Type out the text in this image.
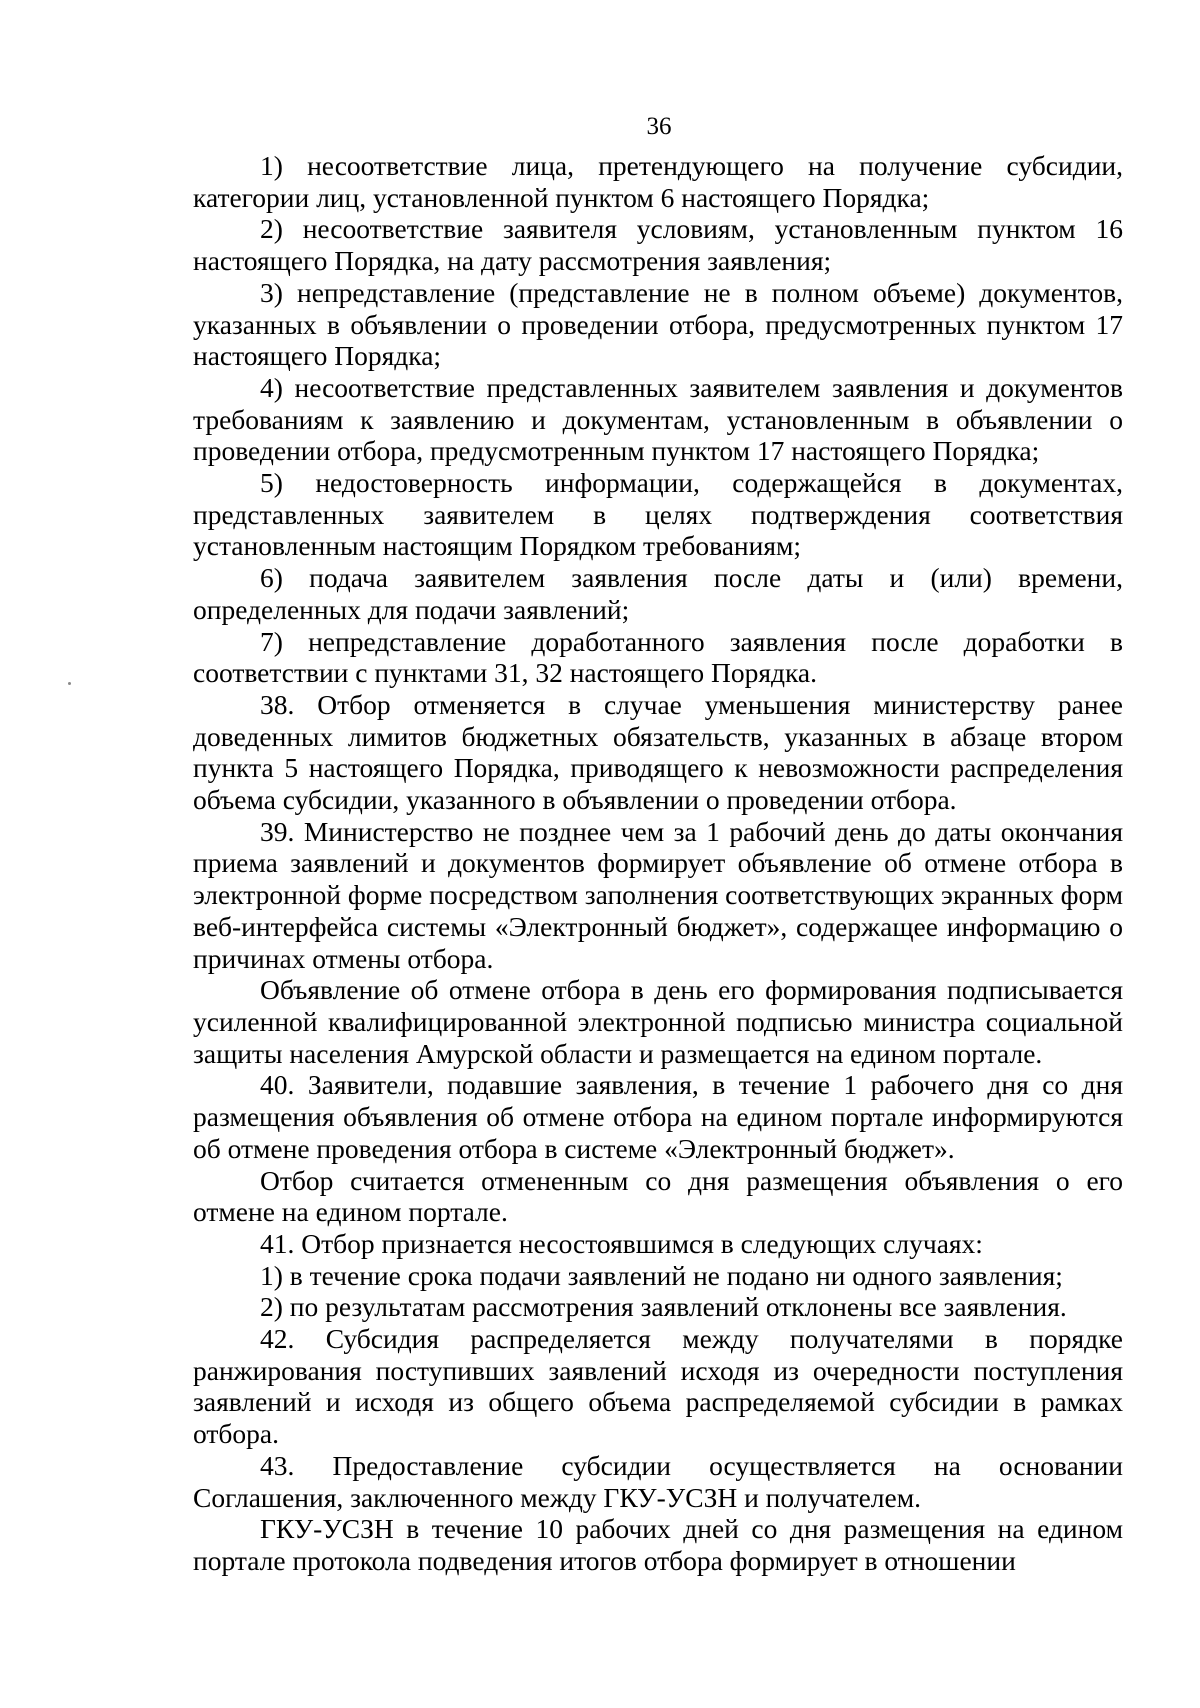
36

1) несоответствие лица, претендующего на получение субсидии, категории лиц, установленной пунктом 6 настоящего Порядка;

2) несоответствие заявителя условиям, установленным пунктом 16 настоящего Порядка, на дату рассмотрения заявления;

3) непредставление (представление не в полном объеме) документов, указанных в объявлении о проведении отбора, предусмотренных пунктом 17 настоящего Порядка;

4) несоответствие представленных заявителем заявления и документов требованиям к заявлению и документам, установленным в объявлении о проведении отбора, предусмотренным пунктом 17 настоящего Порядка;

5) недостоверность информации, содержащейся в документах, представленных заявителем в целях подтверждения соответствия установленным настоящим Порядком требованиям;

6) подача заявителем заявления после даты и (или) времени, определенных для подачи заявлений;

7) непредставление доработанного заявления после доработки в соответствии с пунктами 31, 32 настоящего Порядка.

38. Отбор отменяется в случае уменьшения министерству ранее доведенных лимитов бюджетных обязательств, указанных в абзаце втором пункта 5 настоящего Порядка, приводящего к невозможности распределения объема субсидии, указанного в объявлении о проведении отбора.

39. Министерство не позднее чем за 1 рабочий день до даты окончания приема заявлений и документов формирует объявление об отмене отбора в электронной форме посредством заполнения соответствующих экранных форм веб-интерфейса системы «Электронный бюджет», содержащее информацию о причинах отмены отбора.

Объявление об отмене отбора в день его формирования подписывается усиленной квалифицированной электронной подписью министра социальной защиты населения Амурской области и размещается на едином портале.

40. Заявители, подавшие заявления, в течение 1 рабочего дня со дня размещения объявления об отмене отбора на едином портале информируются об отмене проведения отбора в системе «Электронный бюджет».

Отбор считается отмененным со дня размещения объявления о его отмене на едином портале.

41. Отбор признается несостоявшимся в следующих случаях:

1) в течение срока подачи заявлений не подано ни одного заявления;

2) по результатам рассмотрения заявлений отклонены все заявления.

42. Субсидия распределяется между получателями в порядке ранжирования поступивших заявлений исходя из очередности поступления заявлений и исходя из общего объема распределяемой субсидии в рамках отбора.

43. Предоставление субсидии осуществляется на основании Соглашения, заключенного между ГКУ-УСЗН и получателем.

ГКУ-УСЗН в течение 10 рабочих дней со дня размещения на едином портале протокола подведения итогов отбора формирует в отношении
